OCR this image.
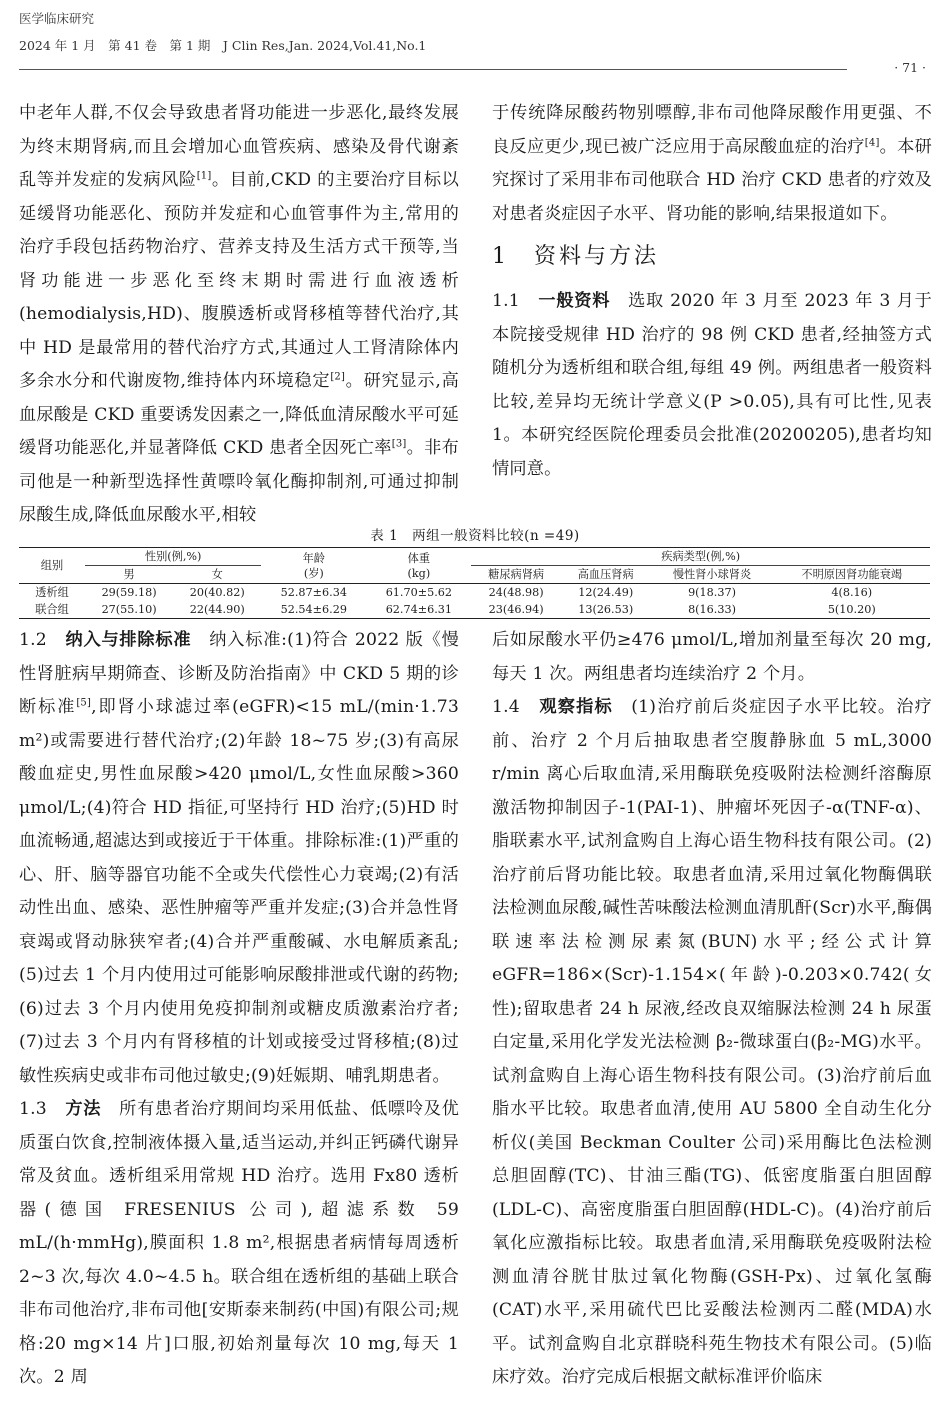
医学临床研究
2024 年 1 月　第 41 卷　第 1 期　J Clin Res,Jan. 2024,Vol.41,No.1
· 71 ·

中老年人群,不仅会导致患者肾功能进一步恶化,最终发展为终末期肾病,而且会增加心血管疾病、感染及骨代谢紊乱等并发症的发病风险[1]。目前,CKD 的主要治疗目标以延缓肾功能恶化、预防并发症和心血管事件为主,常用的治疗手段包括药物治疗、营养支持及生活方式干预等,当肾功能进一步恶化至终末期时需进行血液透析(hemodialysis,HD)、腹膜透析或肾移植等替代治疗,其中 HD 是最常用的替代治疗方式,其通过人工肾清除体内多余水分和代谢废物,维持体内环境稳定[2]。研究显示,高血尿酸是 CKD 重要诱发因素之一,降低血清尿酸水平可延缓肾功能恶化,并显著降低 CKD 患者全因死亡率[3]。非布司他是一种新型选择性黄嘌呤氧化酶抑制剂,可通过抑制尿酸生成,降低血尿酸水平,相较

于传统降尿酸药物别嘌醇,非布司他降尿酸作用更强、不良反应更少,现已被广泛应用于高尿酸血症的治疗[4]。本研究探讨了采用非布司他联合 HD 治疗 CKD 患者的疗效及对患者炎症因子水平、肾功能的影响,结果报道如下。

1　资料与方法

1.1　 一般资料　 选取 2020 年 3 月至 2023 年 3 月于本院接受规律 HD 治疗的 98 例 CKD 患者,经抽签方式随机分为透析组和联合组,每组 49 例。两组患者一般资料比较,差异均无统计学意义(P >0.05),具有可比性,见表 1。本研究经医院伦理委员会批准(20200205),患者均知情同意。

表 1　两组一般资料比较(n =49)
组别	性别(例,%)		年龄
(岁)	体重
(kg)	疾病类型(例,%)			
	男	女			糖尿病肾病	高血压肾病	慢性肾小球肾炎	不明原因肾功能衰竭
透析组	29(59.18)	20(40.82)	52.87±6.34	61.70±5.62	24(48.98)	12(24.49)	9(18.37)	4(8.16)
联合组	27(55.10)	22(44.90)	52.54±6.29	62.74±6.31	23(46.94)	13(26.53)	8(16.33)	5(10.20)

1.2　 纳入与排除标准　 纳入标准:(1)符合 2022 版《慢性肾脏病早期筛查、诊断及防治指南》中 CKD 5 期的诊断标准[5],即肾小球滤过率(eGFR)<15 mL/(min·1.73 m²)或需要进行替代治疗;(2)年龄 18~75 岁;(3)有高尿酸血症史,男性血尿酸>420 μmol/L,女性血尿酸>360 μmol/L;(4)符合 HD 指征,可坚持行 HD 治疗;(5)HD 时血流畅通,超滤达到或接近于干体重。排除标准:(1)严重的心、肝、脑等器官功能不全或失代偿性心力衰竭;(2)有活动性出血、感染、恶性肿瘤等严重并发症;(3)合并急性肾衰竭或肾动脉狭窄者;(4)合并严重酸碱、水电解质紊乱;(5)过去 1 个月内使用过可能影响尿酸排泄或代谢的药物;(6)过去 3 个月内使用免疫抑制剂或糖皮质激素治疗者;(7)过去 3 个月内有肾移植的计划或接受过肾移植;(8)过敏性疾病史或非布司他过敏史;(9)妊娠期、哺乳期患者。

1.3　 方法　 所有患者治疗期间均采用低盐、低嘌呤及优质蛋白饮食,控制液体摄入量,适当运动,并纠正钙磷代谢异常及贫血。透析组采用常规 HD 治疗。选用 Fx80 透析器(德国 FRESENIUS 公司),超滤系数 59 mL/(h·mmHg),膜面积 1.8 m²,根据患者病情每周透析 2~3 次,每次 4.0~4.5 h。联合组在透析组的基础上联合非布司他治疗,非布司他[安斯泰来制药(中国)有限公司;规格:20 mg×14 片]口服,初始剂量每次 10 mg,每天 1 次。2 周

后如尿酸水平仍≥476 μmol/L,增加剂量至每次 20 mg,每天 1 次。两组患者均连续治疗 2 个月。

1.4　 观察指标　 (1)治疗前后炎症因子水平比较。治疗前、治疗 2 个月后抽取患者空腹静脉血 5 mL,3000 r/min 离心后取血清,采用酶联免疫吸附法检测纤溶酶原激活物抑制因子-1(PAI-1)、肿瘤坏死因子-α(TNF-α)、脂联素水平,试剂盒购自上海心语生物科技有限公司。(2)治疗前后肾功能比较。取患者血清,采用过氧化物酶偶联法检测血尿酸,碱性苦味酸法检测血清肌酐(Scr)水平,酶偶联速率法检测尿素氮(BUN)水平;经公式计算 eGFR=186×(Scr)-1.154×(年龄)-0.203×0.742(女性);留取患者 24 h 尿液,经改良双缩脲法检测 24 h 尿蛋白定量,采用化学发光法检测 β₂-微球蛋白(β₂-MG)水平。试剂盒购自上海心语生物科技有限公司。(3)治疗前后血脂水平比较。取患者血清,使用 AU 5800 全自动生化分析仪(美国 Beckman Coulter 公司)采用酶比色法检测总胆固醇(TC)、甘油三酯(TG)、低密度脂蛋白胆固醇(LDL-C)、高密度脂蛋白胆固醇(HDL-C)。(4)治疗前后氧化应激指标比较。取患者血清,采用酶联免疫吸附法检测血清谷胱甘肽过氧化物酶(GSH-Px)、过氧化氢酶(CAT)水平,采用硫代巴比妥酸法检测丙二醛(MDA)水平。试剂盒购自北京群晓科苑生物技术有限公司。(5)临床疗效。治疗完成后根据文献标准评价临床
